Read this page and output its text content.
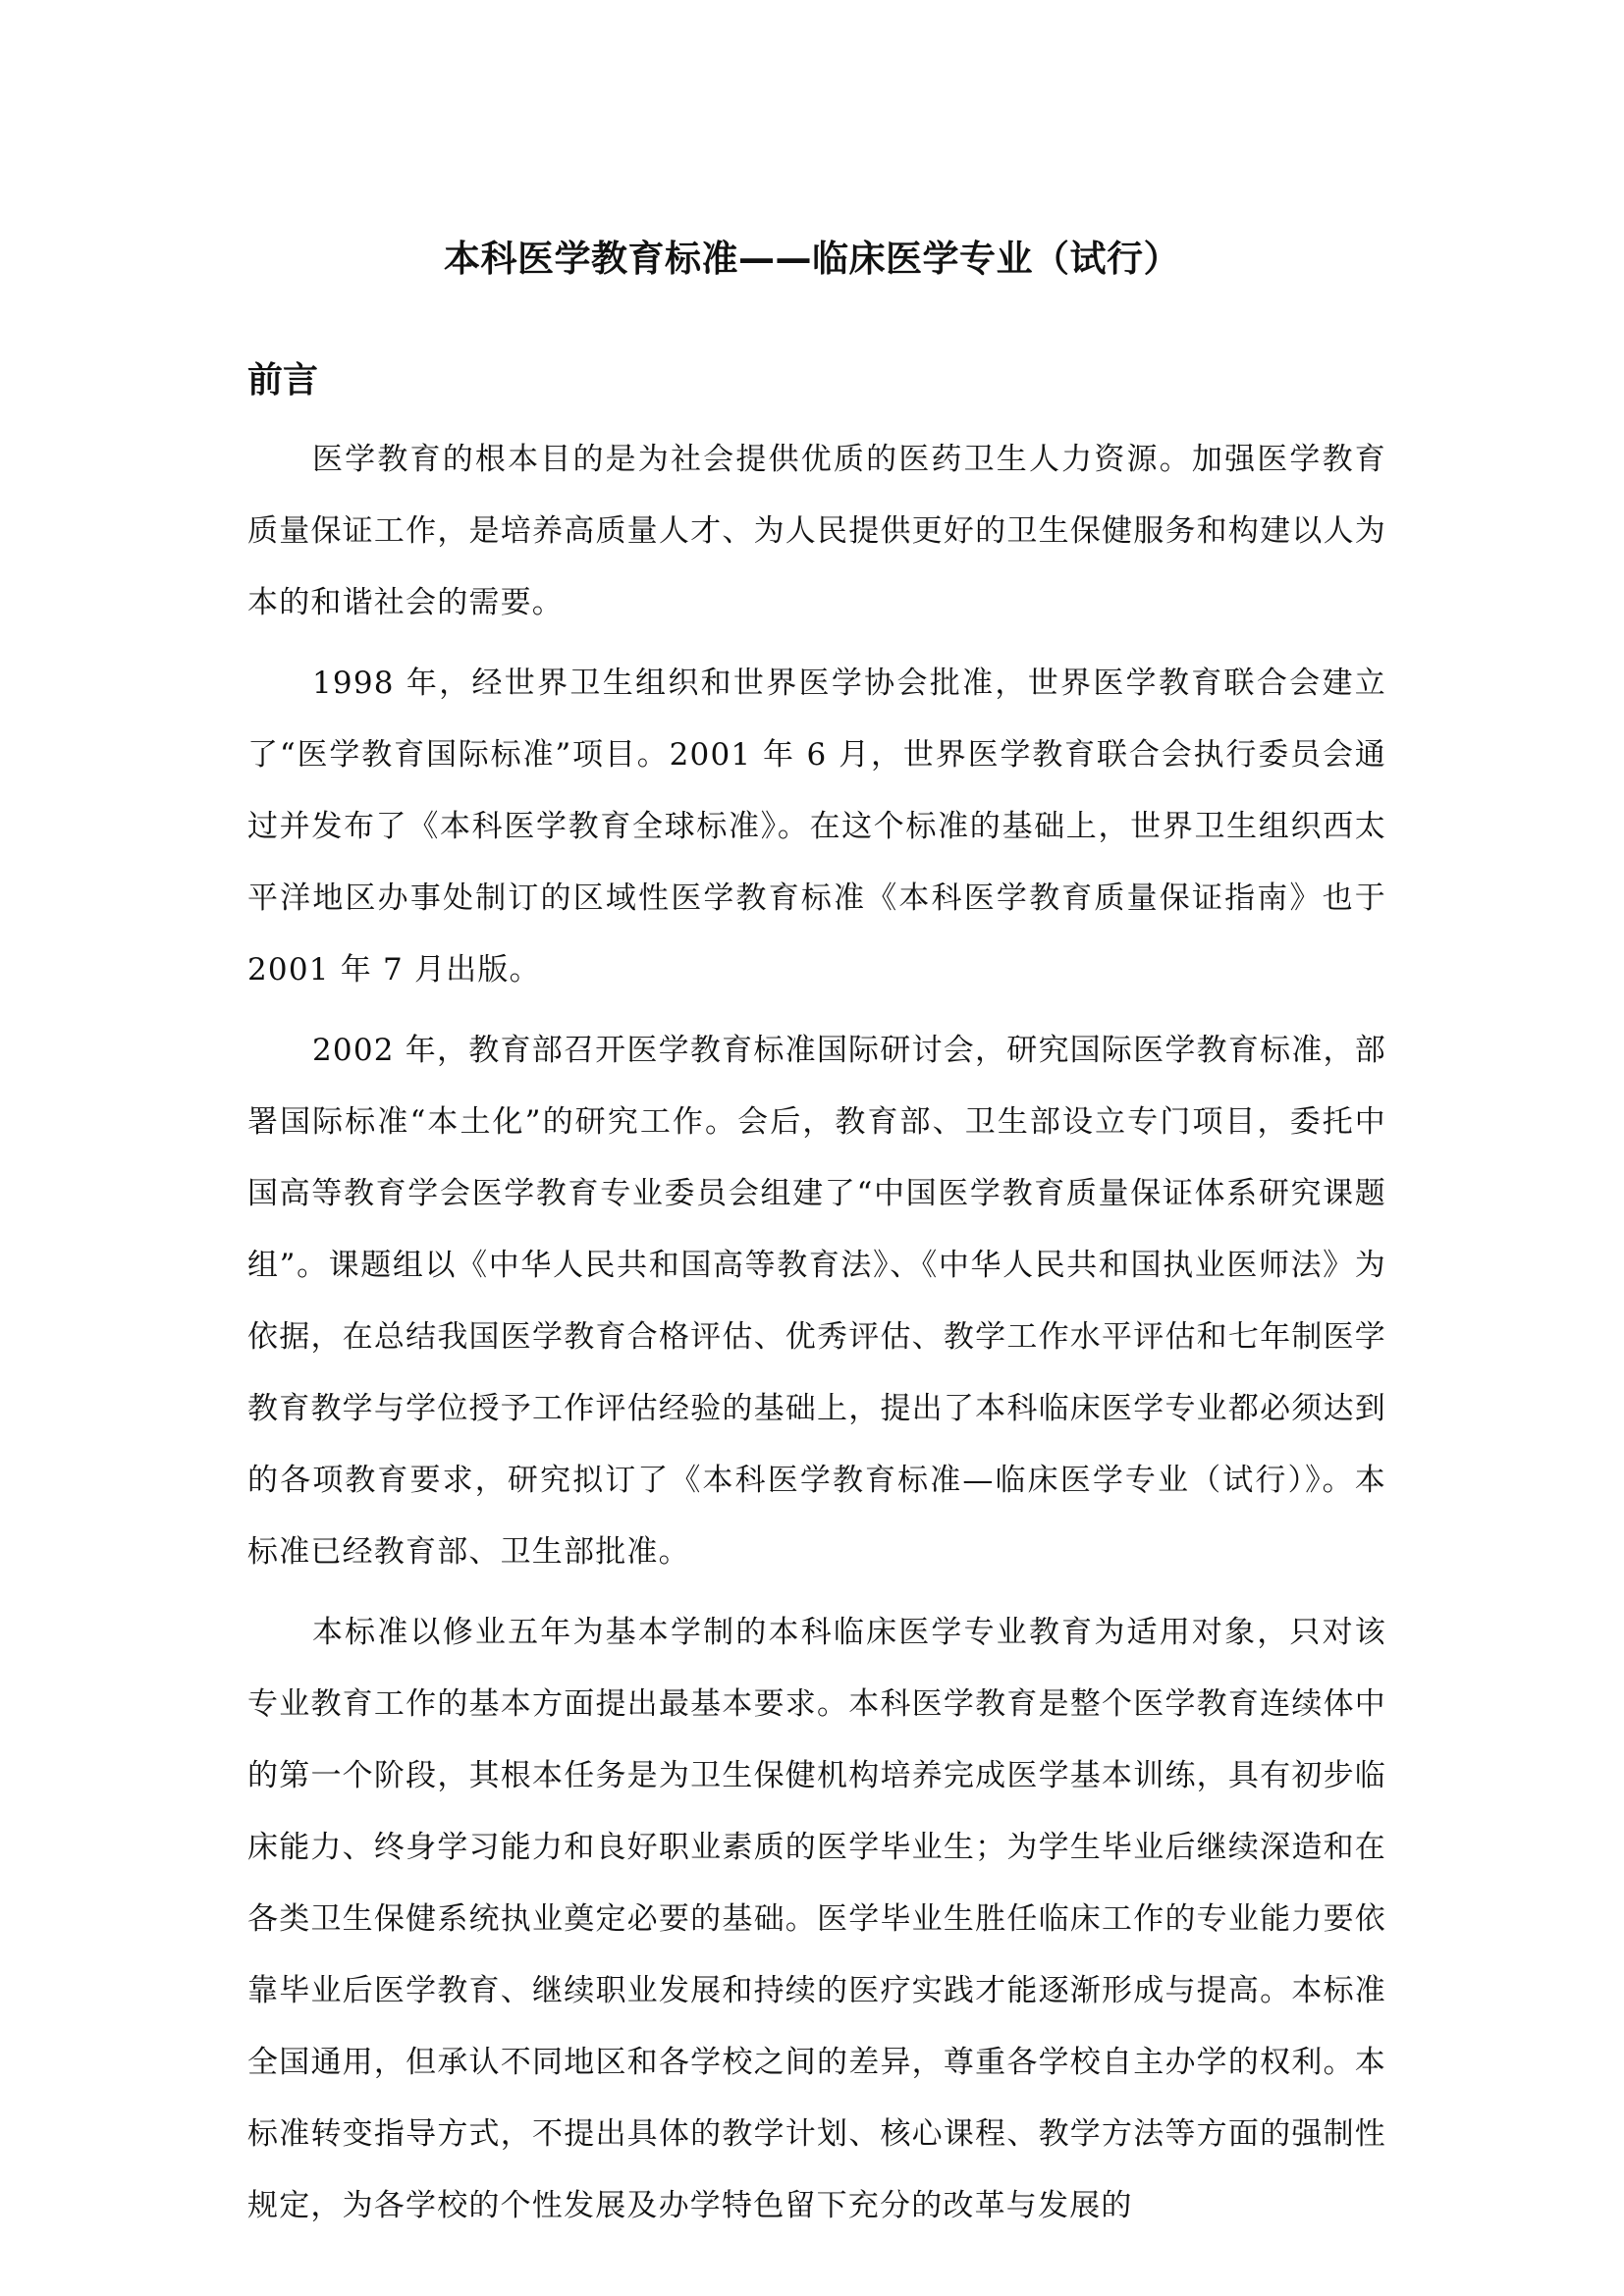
本科医学教育标准——临床医学专业（试行）
前言

医学教育的根本目的是为社会提供优质的医药卫生人力资源。加强医学教育质量保证工作，是培养高质量人才、为人民提供更好的卫生保健服务和构建以人为本的和谐社会的需要。

1998 年，经世界卫生组织和世界医学协会批准，世界医学教育联合会建立了“医学教育国际标准”项目。2001 年 6 月，世界医学教育联合会执行委员会通过并发布了《本科医学教育全球标准》。在这个标准的基础上，世界卫生组织西太平洋地区办事处制订的区域性医学教育标准《本科医学教育质量保证指南》也于 2001 年 7 月出版。

2002 年，教育部召开医学教育标准国际研讨会，研究国际医学教育标准，部署国际标准“本土化”的研究工作。会后，教育部、卫生部设立专门项目，委托中国高等教育学会医学教育专业委员会组建了“中国医学教育质量保证体系研究课题组”。课题组以《中华人民共和国高等教育法》、《中华人民共和国执业医师法》为依据，在总结我国医学教育合格评估、优秀评估、教学工作水平评估和七年制医学教育教学与学位授予工作评估经验的基础上，提出了本科临床医学专业都必须达到的各项教育要求，研究拟订了《本科医学教育标准—临床医学专业（试行）》。本标准已经教育部、卫生部批准。

本标准以修业五年为基本学制的本科临床医学专业教育为适用对象，只对该专业教育工作的基本方面提出最基本要求。本科医学教育是整个医学教育连续体中的第一个阶段，其根本任务是为卫生保健机构培养完成医学基本训练，具有初步临床能力、终身学习能力和良好职业素质的医学毕业生；为学生毕业后继续深造和在各类卫生保健系统执业奠定必要的基础。医学毕业生胜任临床工作的专业能力要依靠毕业后医学教育、继续职业发展和持续的医疗实践才能逐渐形成与提高。本标准全国通用，但承认不同地区和各学校之间的差异，尊重各学校自主办学的权利。本标准转变指导方式，不提出具体的教学计划、核心课程、教学方法等方面的强制性规定，为各学校的个性发展及办学特色留下充分的改革与发展的
